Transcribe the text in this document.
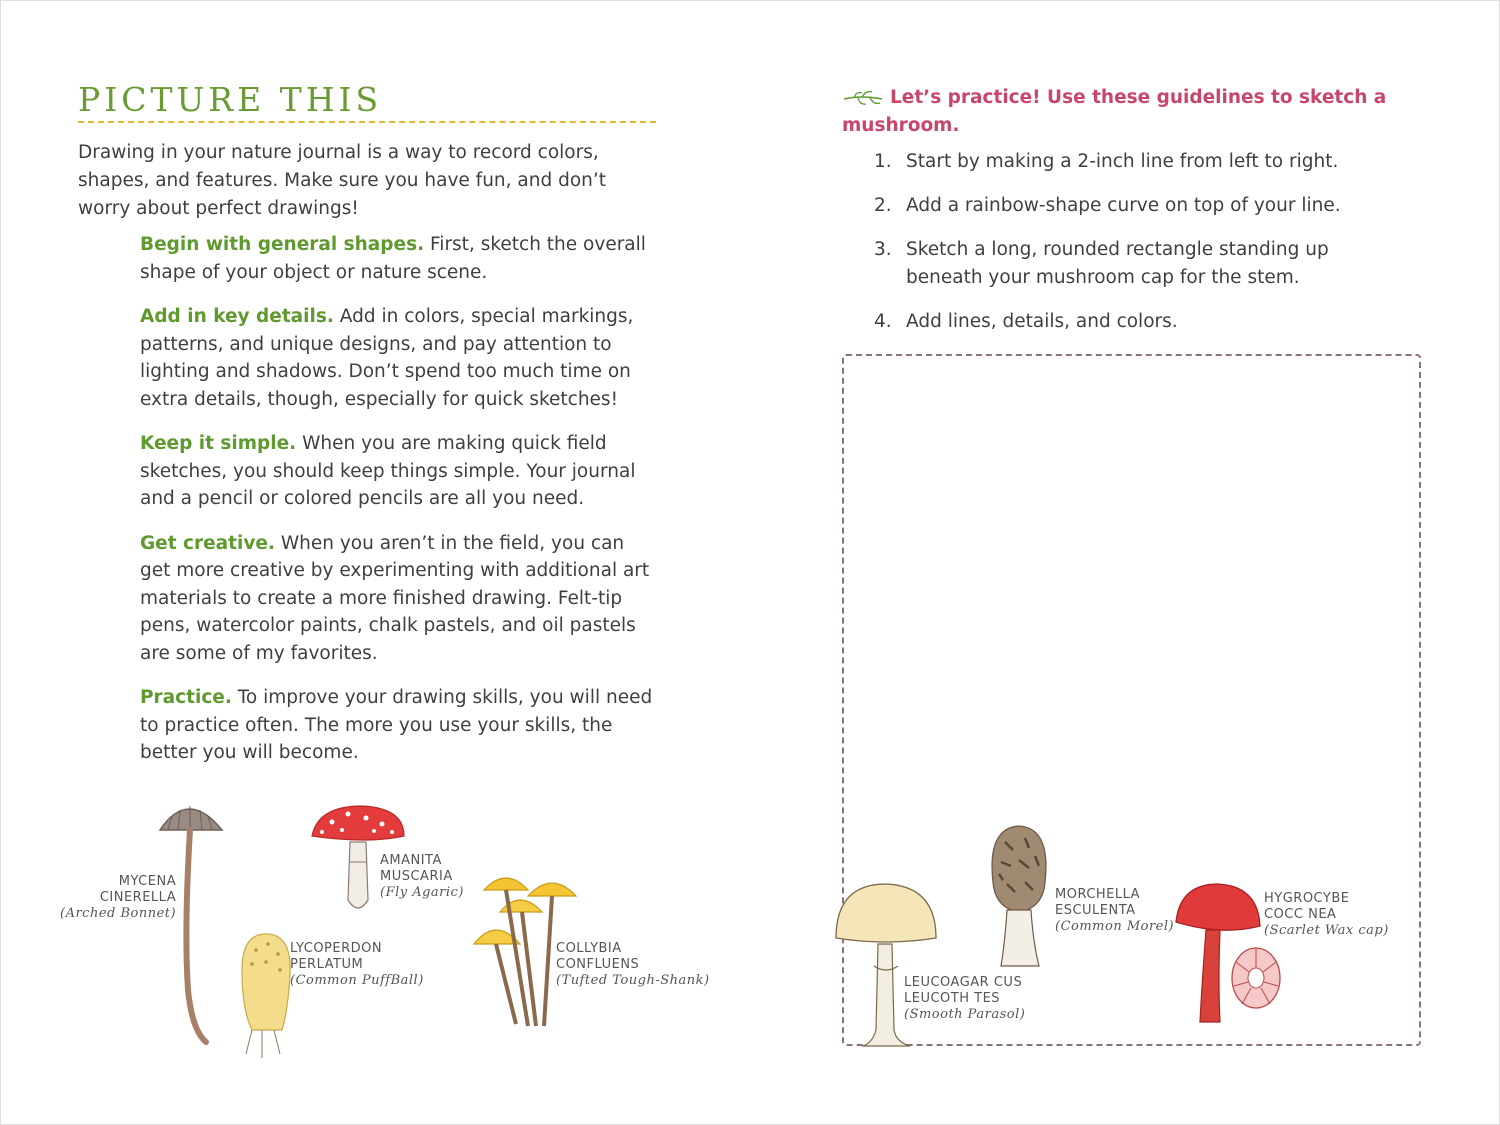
PICTURE THIS

Drawing in your nature journal is a way to record colors, shapes, and features. Make sure you have fun, and don’t worry about perfect drawings!

Begin with general shapes. First, sketch the overall shape of your object or nature scene.

Add in key details. Add in colors, special markings, patterns, and unique designs, and pay attention to lighting and shadows. Don’t spend too much time on extra details, though, especially for quick sketches!

Keep it simple. When you are making quick field sketches, you should keep things simple. Your journal and a pencil or colored pencils are all you need.

Get creative. When you aren’t in the field, you can get more creative by experimenting with additional art materials to create a more finished drawing. Felt-tip pens, watercolor paints, chalk pastels, and oil pastels are some of my favorites.

Practice. To improve your drawing skills, you will need to practice often. The more you use your skills, the better you will become.

MYCENA
CINERELLA
(Arched Bonnet)
AMANITA
MUSCARIA
(Fly Agaric)
LYCOPERDON
PERLATUM
(Common PuffBall)
COLLYBIA
CONFLUENS
(Tufted Tough-Shank)

Let’s practice! Use these guidelines to sketch a mushroom.

1. Start by making a 2-inch line from left to right.
2. Add a rainbow-shape curve on top of your line.
3. Sketch a long, rounded rectangle standing up beneath your mushroom cap for the stem.
4. Add lines, details, and colors.
LEUCOAGAR CUS
LEUCOTH TES
(Smooth Parasol)
MORCHELLA
ESCULENTA
(Common Morel)
HYGROCYBE
COCC NEA
(Scarlet Wax cap)
